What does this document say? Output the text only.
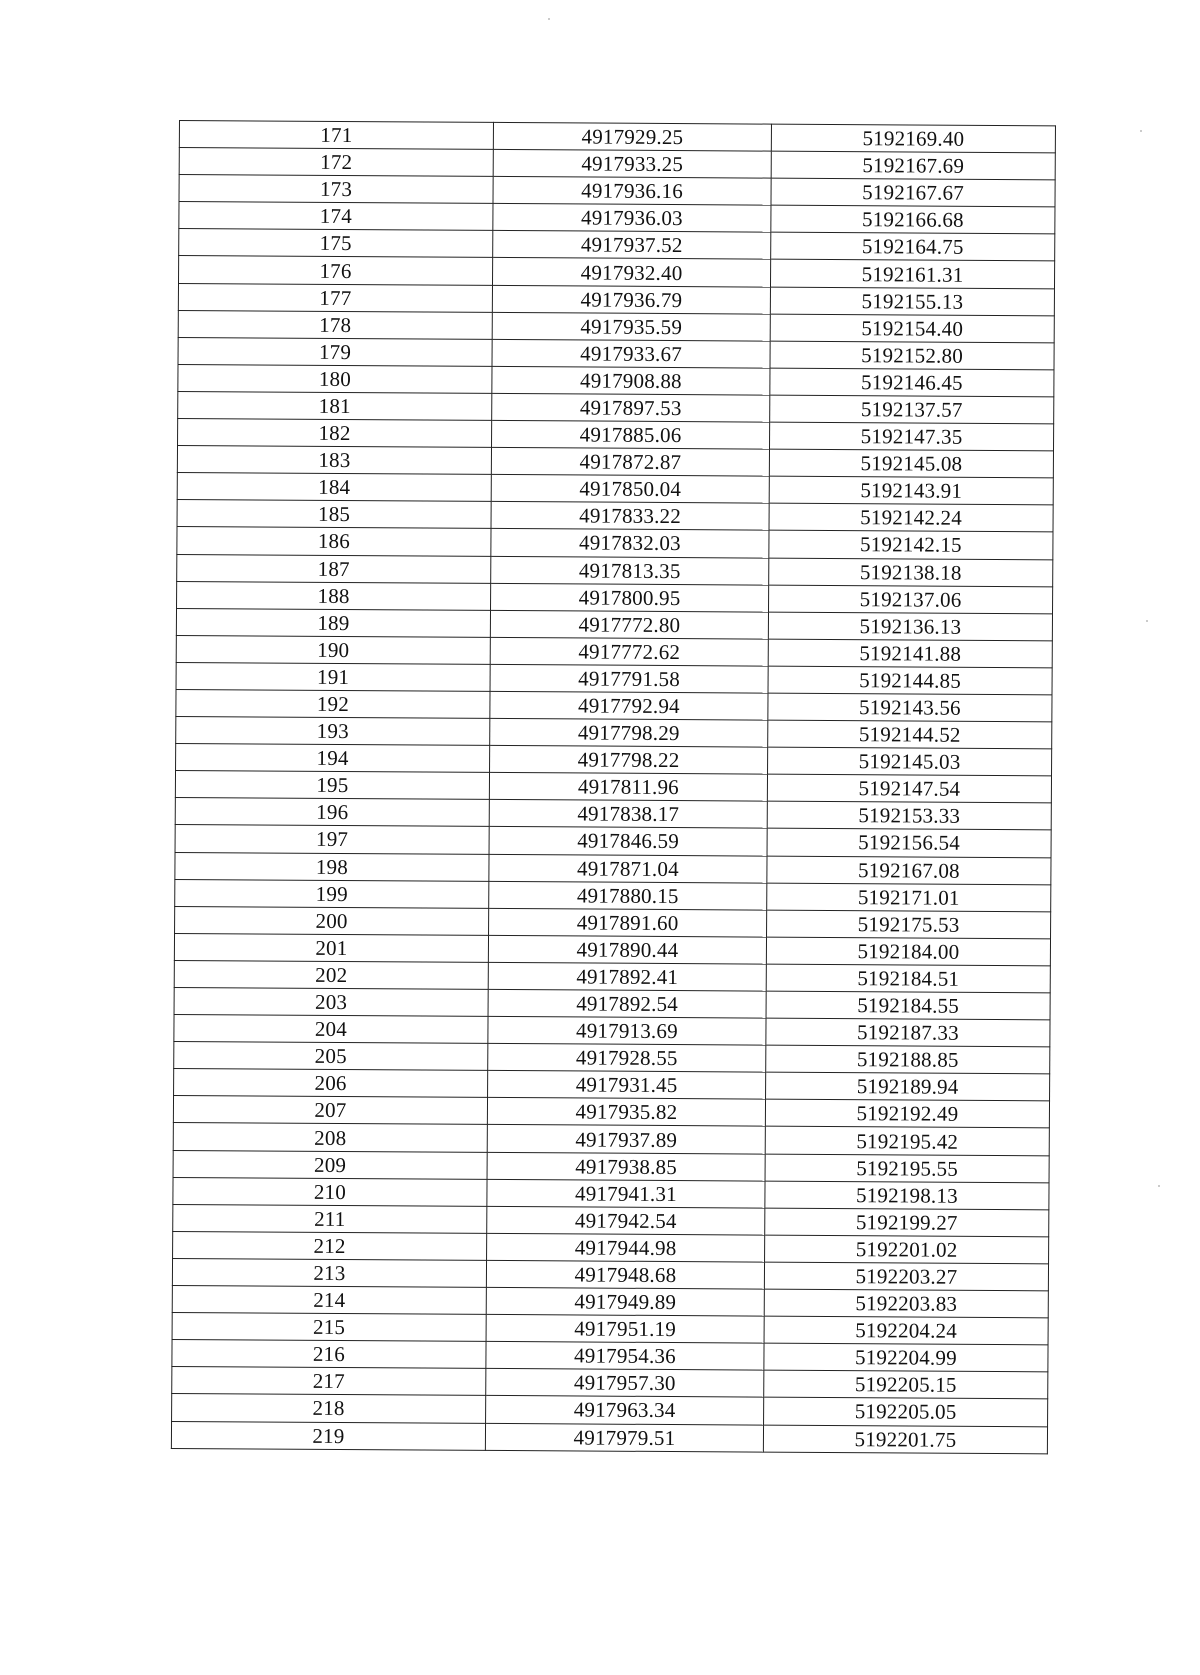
171	4917929.25	5192169.40
172	4917933.25	5192167.69
173	4917936.16	5192167.67
174	4917936.03	5192166.68
175	4917937.52	5192164.75
176	4917932.40	5192161.31
177	4917936.79	5192155.13
178	4917935.59	5192154.40
179	4917933.67	5192152.80
180	4917908.88	5192146.45
181	4917897.53	5192137.57
182	4917885.06	5192147.35
183	4917872.87	5192145.08
184	4917850.04	5192143.91
185	4917833.22	5192142.24
186	4917832.03	5192142.15
187	4917813.35	5192138.18
188	4917800.95	5192137.06
189	4917772.80	5192136.13
190	4917772.62	5192141.88
191	4917791.58	5192144.85
192	4917792.94	5192143.56
193	4917798.29	5192144.52
194	4917798.22	5192145.03
195	4917811.96	5192147.54
196	4917838.17	5192153.33
197	4917846.59	5192156.54
198	4917871.04	5192167.08
199	4917880.15	5192171.01
200	4917891.60	5192175.53
201	4917890.44	5192184.00
202	4917892.41	5192184.51
203	4917892.54	5192184.55
204	4917913.69	5192187.33
205	4917928.55	5192188.85
206	4917931.45	5192189.94
207	4917935.82	5192192.49
208	4917937.89	5192195.42
209	4917938.85	5192195.55
210	4917941.31	5192198.13
211	4917942.54	5192199.27
212	4917944.98	5192201.02
213	4917948.68	5192203.27
214	4917949.89	5192203.83
215	4917951.19	5192204.24
216	4917954.36	5192204.99
217	4917957.30	5192205.15
218	4917963.34	5192205.05
219	4917979.51	5192201.75
